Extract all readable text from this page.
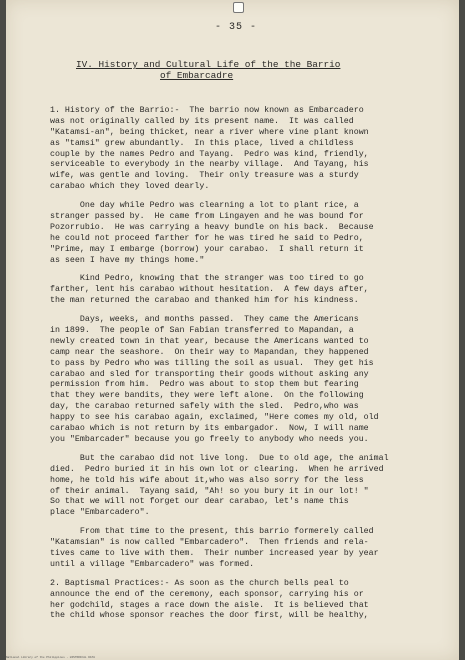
- 35 -
IV. History and Cultural Life of the the Barrio
of Embarcadre
1. History of the Barrio:-  The barrio now known as Embarcadero
was not originally called by its present name.  It was called
"Katamsi-an", being thicket, near a river where vine plant known
as "tamsi" grew abundantly.  In this place, lived a childless
couple by the names Pedro and Tayang.  Pedro was kind, friendly,
serviceable to everybody in the nearby village.  And Tayang, his
wife, was gentle and loving.  Their only treasure was a sturdy
carabao which they loved dearly.
One day while Pedro was clearning a lot to plant rice, a
stranger passed by.  He came from Lingayen and he was bound for
Pozorrubio.  He was carrying a heavy bundle on his back.  Because
he could not proceed farther for he was tired he said to Pedro,
"Prime, may I embarge (borrow) your carabao.  I shall return it
as seen I have my things home."
Kind Pedro, knowing that the stranger was too tired to go
farther, lent his carabao without hesitation.  A few days after,
the man returned the carabao and thanked him for his kindness.
Days, weeks, and months passed.  They came the Americans
in 1899.  The people of San Fabian transferred to Mapandan, a
newly created town in that year, because the Americans wanted to
camp near the seashore.  On their way to Mapandan, they happened
to pass by Pedro who was tilling the soil as usual.  They get his
carabao and sled for transporting their goods without asking any
permission from him.  Pedro was about to stop them but fearing
that they were bandits, they were left alone.  On the following
day, the carabao returned safely with the sled.  Pedro,who was
happy to see his carabao again, exclaimed, "Here comes my old, old
carabao which is not return by its embargador.  Now, I will name
you "Embarcader" because you go freely to anybody who needs you.
But the carabao did not live long.  Due to old age, the animal
died.  Pedro buried it in his own lot or clearing.  When he arrived
home, he told his wife about it,who was also sorry for the less
of their animal.  Tayang said, "Ah! so you bury it in our lot! "
So that we will not forget our dear carabao, let's name this
place "Embarcadero".
From that time to the present, this barrio formerely called
"Katamsian" is now called "Embarcadero".  Then friends and rela-
tives came to live with them.  Their number increased year by year
until a village "Embarcadero" was formed.
2. Baptismal Practices:- As soon as the church bells peal to
announce the end of the ceremony, each sponsor, carrying his or
her godchild, stages a race down the aisle.  It is believed that
the child whose sponsor reaches the door first, will be healthy,
National Library of the Philippines · HISTORICAL DATA
